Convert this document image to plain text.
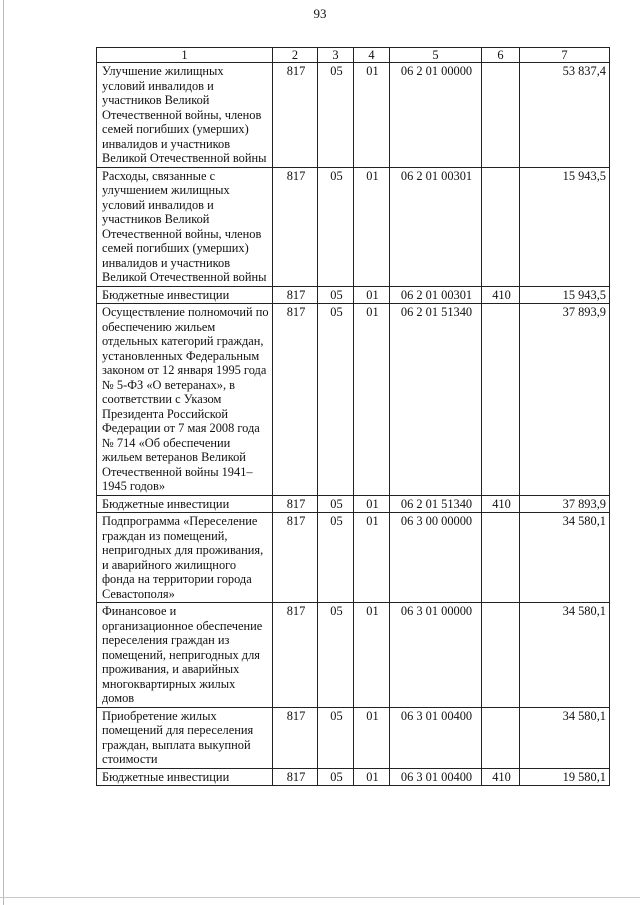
93
1	2	3	4	5	6	7
Улучшение жилищных условий инвалидов и участников Великой Отечественной войны, членов семей погибших (умерших) инвалидов и участников Великой Отечественной войны	817	05	01	06 2 01 00000		53 837,4
Расходы, связанные с улучшением жилищных условий инвалидов и участников Великой Отечественной войны, членов семей погибших (умерших) инвалидов и участников Великой Отечественной войны	817	05	01	06 2 01 00301		15 943,5
Бюджетные инвестиции	817	05	01	06 2 01 00301	410	15 943,5
Осуществление полномочий по обеспечению жильем отдельных категорий граждан, установленных Федеральным законом от 12 января 1995 года № 5-ФЗ «О ветеранах», в соответствии с Указом Президента Российской Федерации от 7 мая 2008 года № 714 «Об обеспечении жильем ветеранов Великой Отечественной войны 1941–1945 годов»	817	05	01	06 2 01 51340		37 893,9
Бюджетные инвестиции	817	05	01	06 2 01 51340	410	37 893,9
Подпрограмма «Переселение граждан из помещений, непригодных для проживания, и аварийного жилищного фонда на территории города Севастополя»	817	05	01	06 3 00 00000		34 580,1
Финансовое и организационное обеспечение переселения граждан из помещений, непригодных для проживания, и аварийных многоквартирных жилых домов	817	05	01	06 3 01 00000		34 580,1
Приобретение жилых помещений для переселения граждан, выплата выкупной стоимости	817	05	01	06 3 01 00400		34 580,1
Бюджетные инвестиции	817	05	01	06 3 01 00400	410	19 580,1
